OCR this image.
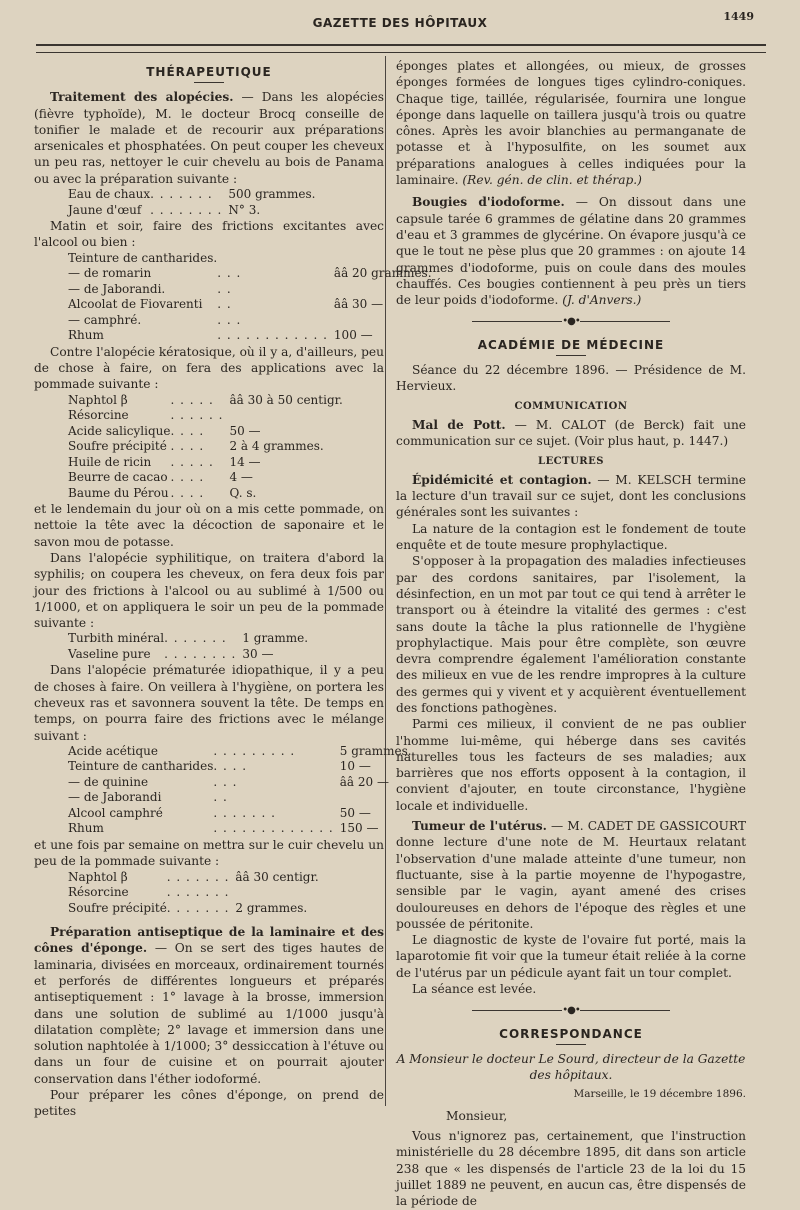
GAZETTE DES HÔPITAUX	1449
THÉRAPEUTIQUE

Traitement des alopécies. — Dans les alopécies (fièvre typhoïde), M. le docteur Brocq conseille de tonifier le malade et de recourir aux préparations arsenicales et phosphatées. On peut couper les cheveux un peu ras, nettoyer le cuir chevelu au bois de Panama ou avec la préparation suivante :

Eau de chaux	. . . . . . .	500 grammes.
Jaune d'œuf	. . . . . . . .	N° 3.

Matin et soir, faire des frictions excitantes avec l'alcool ou bien :

Teinture de cantharides.		
— de romarin	. . .	ââ 20 grammes.
— de Jaborandi.	. .	
Alcoolat de Fiovarenti	. .	ââ 30 —
— camphré.	. . .	
Rhum	. . . . . . . . . . . .	100 —

Contre l'alopécie kératosique, où il y a, d'ailleurs, peu de chose à faire, on fera des applications avec la pommade suivante :

Naphtol β	. . . . .	ââ 30 à 50 centigr.
Résorcine	. . . . . .	
Acide salicylique	. . . .	50 —
Soufre précipité	. . . .	2 à 4 grammes.
Huile de ricin	. . . . .	14 —
Beurre de cacao	. . . .	4 —
Baume du Pérou	. . . .	Q. s.

et le lendemain du jour où on a mis cette pommade, on nettoie la tête avec la décoction de saponaire et le savon mou de potasse.

Dans l'alopécie syphilitique, on traitera d'abord la syphilis; on coupera les cheveux, on fera deux fois par jour des frictions à l'alcool ou au sublimé à 1/500 ou 1/1000, et on appliquera le soir un peu de la pommade suivante :

Turbith minéral	. . . . . . .	1 gramme.
Vaseline pure	. . . . . . . .	30 —

Dans l'alopécie prématurée idiopathique, il y a peu de choses à faire. On veillera à l'hygiène, on portera les cheveux ras et savonnera souvent la tête. De temps en temps, on pourra faire des frictions avec le mélange suivant :

Acide acétique	. . . . . . . . .	5 grammes.
Teinture de cantharides	. . . .	10 —
— de quinine	. . .	ââ 20 —
— de Jaborandi	. .	
Alcool camphré	. . . . . . .	50 —
Rhum	. . . . . . . . . . . . .	150 —

et une fois par semaine on mettra sur le cuir chevelu un peu de la pommade suivante :

Naphtol β	. . . . . . .	ââ 30 centigr.
Résorcine	. . . . . . .	
Soufre précipité	. . . . . . .	2 grammes.

Préparation antiseptique de la laminaire et des cônes d'éponge. — On se sert des tiges hautes de laminaria, divisées en morceaux, ordinairement tournés et perforés de différentes longueurs et préparés antiseptiquement : 1° lavage à la brosse, immersion dans une solution de sublimé au 1/1000 jusqu'à dilatation complète; 2° lavage et immersion dans une solution naphtolée à 1/1000; 3° dessiccation à l'étuve ou dans un four de cuisine et on pourrait ajouter conservation dans l'éther iodoformé.

Pour préparer les cônes d'éponge, on prend de petites

éponges plates et allongées, ou mieux, de grosses éponges formées de longues tiges cylindro-coniques. Chaque tige, taillée, régularisée, fournira une longue éponge dans laquelle on taillera jusqu'à trois ou quatre cônes. Après les avoir blanchies au permanganate de potasse et à l'hyposulfite, on les soumet aux préparations analogues à celles indiquées pour la laminaire. (Rev. gén. de clin. et thérap.)

Bougies d'iodoforme. — On dissout dans une capsule tarée 6 grammes de gélatine dans 20 grammes d'eau et 3 grammes de glycérine. On évapore jusqu'à ce que le tout ne pèse plus que 20 grammes : on ajoute 14 grammes d'iodoforme, puis on coule dans des moules chauffés. Ces bougies contiennent à peu près un tiers de leur poids d'iodoforme. (J. d'Anvers.)

•●•
ACADÉMIE DE MÉDECINE

Séance du 22 décembre 1896. — Présidence de M. Hervieux.

COMMUNICATION

Mal de Pott. — M. CALOT (de Berck) fait une communication sur ce sujet. (Voir plus haut, p. 1447.)

LECTURES

Épidémicité et contagion. — M. KELSCH termine la lecture d'un travail sur ce sujet, dont les conclusions générales sont les suivantes :

La nature de la contagion est le fondement de toute enquête et de toute mesure prophylactique.

S'opposer à la propagation des maladies infectieuses par des cordons sanitaires, par l'isolement, la désinfection, en un mot par tout ce qui tend à arrêter le transport ou à éteindre la vitalité des germes : c'est sans doute la tâche la plus rationnelle de l'hygiène prophylactique. Mais pour être complète, son œuvre devra comprendre également l'amélioration constante des milieux en vue de les rendre impropres à la culture des germes qui y vivent et y acquièrent éventuellement des fonctions pathogènes.

Parmi ces milieux, il convient de ne pas oublier l'homme lui-même, qui héberge dans ses cavités naturelles tous les facteurs de ses maladies; aux barrières que nos efforts opposent à la contagion, il convient d'ajouter, en toute circonstance, l'hygiène locale et individuelle.

Tumeur de l'utérus. — M. CADET DE GASSICOURT donne lecture d'une note de M. Heurtaux relatant l'observation d'une malade atteinte d'une tumeur, non fluctuante, sise à la partie moyenne de l'hypogastre, sensible par le vagin, ayant amené des crises douloureuses en dehors de l'époque des règles et une poussée de péritonite.

Le diagnostic de kyste de l'ovaire fut porté, mais la laparotomie fit voir que la tumeur était reliée à la corne de l'utérus par un pédicule ayant fait un tour complet.

La séance est levée.

•●•
CORRESPONDANCE

A Monsieur le docteur Le Sourd, directeur de la Gazette des hôpitaux.

Marseille, le 19 décembre 1896.
Monsieur,

Vous n'ignorez pas, certainement, que l'instruction ministérielle du 28 décembre 1895, dit dans son article 238 que « les dispensés de l'article 23 de la loi du 15 juillet 1889 ne peuvent, en aucun cas, être dispensés de la période de
